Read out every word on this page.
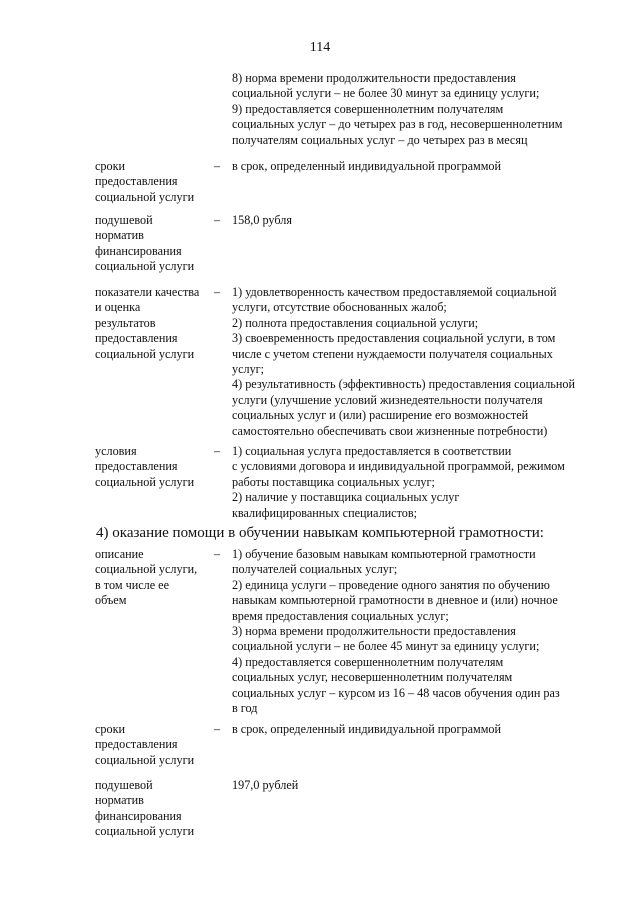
114
8) норма времени продолжительности предоставления
социальной услуги – не более 30 минут за единицу услуги;
9) предоставляется совершеннолетним получателям
социальных услуг – до четырех раз в год, несовершеннолетним
получателям социальных услуг – до четырех раз в месяц
сроки
предоставления
социальной услуги
– в срок, определенный индивидуальной программой
подушевой
норматив
финансирования
социальной услуги
– 158,0 рубля
показатели качества
и оценка
результатов
предоставления
социальной услуги
– 1) удовлетворенность качеством предоставляемой социальной
услуги, отсутствие обоснованных жалоб;
2) полнота предоставления социальной услуги;
3) своевременность предоставления социальной услуги, в том
числе с учетом степени нуждаемости получателя социальных
услуг;
4) результативность (эффективность) предоставления социальной
услуги (улучшение условий жизнедеятельности получателя
социальных услуг и (или) расширение его возможностей
самостоятельно обеспечивать свои жизненные потребности)
условия
предоставления
социальной услуги
– 1) социальная услуга предоставляется в соответствии
с условиями договора и индивидуальной программой, режимом
работы поставщика социальных услуг;
2) наличие у поставщика социальных услуг
квалифицированных специалистов;
4) оказание помощи в обучении навыкам компьютерной грамотности:
описание
социальной услуги,
в том числе ее
объем
– 1) обучение базовым навыкам компьютерной грамотности
получателей социальных услуг;
2) единица услуги – проведение одного занятия по обучению
навыкам компьютерной грамотности в дневное и (или) ночное
время предоставления социальных услуг;
3) норма времени продолжительности предоставления
социальной услуги – не более 45 минут за единицу услуги;
4) предоставляется совершеннолетним получателям
социальных услуг, несовершеннолетним получателям
социальных услуг – курсом из 16 – 48 часов обучения один раз
в год
сроки
предоставления
социальной услуги
– в срок, определенный индивидуальной программой
подушевой
норматив
финансирования
социальной услуги
197,0 рублей
